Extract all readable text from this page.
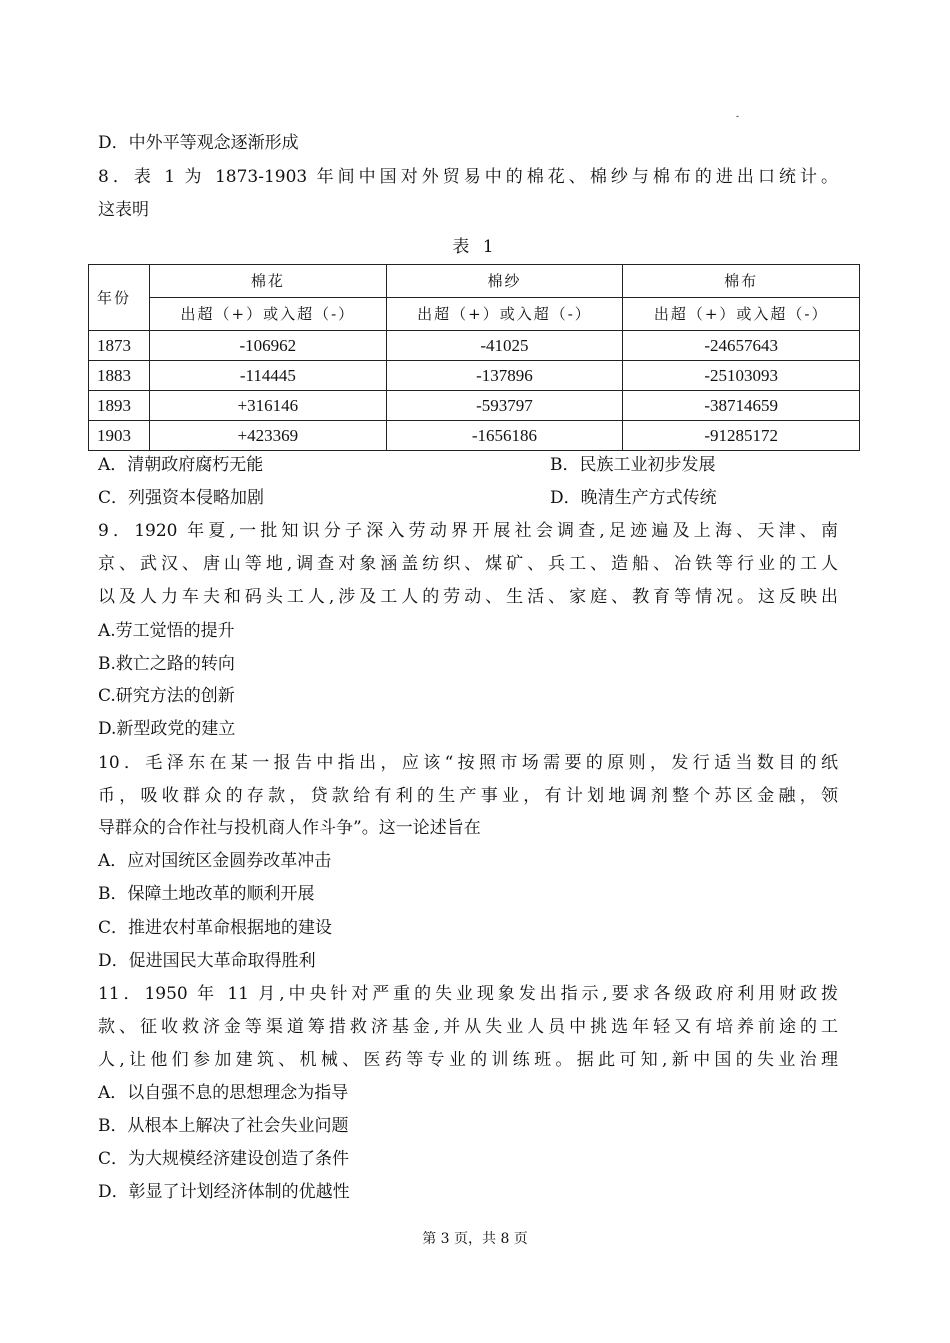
-
D．中外平等观念逐渐形成
8．表 1 为 1873-1903 年间中国对外贸易中的棉花、棉纱与棉布的进出口统计。
这表明
表 1
年份	棉花	棉纱	棉布
	出超（+）或入超（-）	出超（+）或入超（-）	出超（+）或入超（-）
1873	-106962	-41025	-24657643
1883	-114445	-137896	-25103093
1893	+316146	-593797	-38714659
1903	+423369	-1656186	-91285172
A．清朝政府腐朽无能	B．民族工业初步发展
C．列强资本侵略加剧	D．晚清生产方式传统
9．1920 年夏,一批知识分子深入劳动界开展社会调查,足迹遍及上海、天津、南
京、武汉、唐山等地,调查对象涵盖纺织、煤矿、兵工、造船、冶铁等行业的工人
以及人力车夫和码头工人,涉及工人的劳动、生活、家庭、教育等情况。这反映出
A.劳工觉悟的提升
B.救亡之路的转向
C.研究方法的创新
D.新型政党的建立
10．毛泽东在某一报告中指出，应该“按照市场需要的原则，发行适当数目的纸
币，吸收群众的存款，贷款给有利的生产事业，有计划地调剂整个苏区金融，领
导群众的合作社与投机商人作斗争”。这一论述旨在
A．应对国统区金圆券改革冲击
B．保障土地改革的顺利开展
C．推进农村革命根据地的建设
D．促进国民大革命取得胜利
11．1950 年 11 月,中央针对严重的失业现象发出指示,要求各级政府利用财政拨
款、征收救济金等渠道筹措救济基金,并从失业人员中挑选年轻又有培养前途的工
人,让他们参加建筑、机械、医药等专业的训练班。据此可知,新中国的失业治理
A．以自强不息的思想理念为指导
B．从根本上解决了社会失业问题
C．为大规模经济建设创造了条件
D．彰显了计划经济体制的优越性
第 3 页，共 8 页
